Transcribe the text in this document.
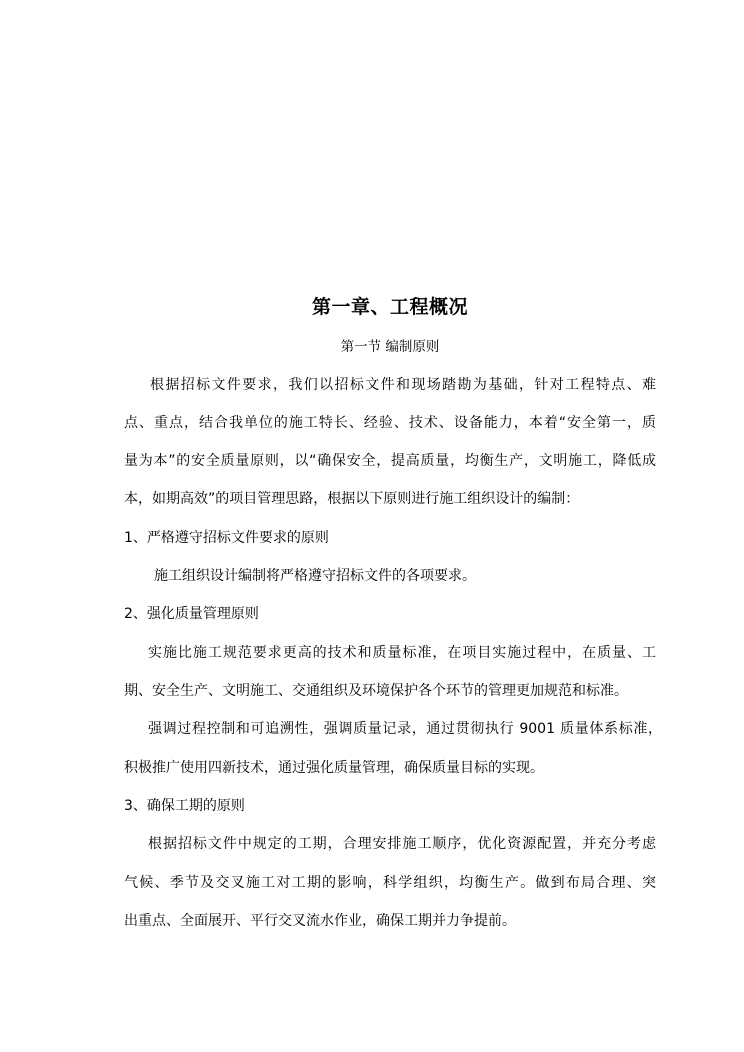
第一章、工程概况
第一节 编制原则
根据招标文件要求，我们以招标文件和现场踏勘为基础，针对工程特点、难
点、重点，结合我单位的施工特长、经验、技术、设备能力，本着“安全第一，质
量为本”的安全质量原则，以“确保安全，提高质量，均衡生产，文明施工，降低成
本，如期高效”的项目管理思路，根据以下原则进行施工组织设计的编制：
1、严格遵守招标文件要求的原则
施工组织设计编制将严格遵守招标文件的各项要求。
2、强化质量管理原则
实施比施工规范要求更高的技术和质量标准，在项目实施过程中，在质量、工
期、安全生产、文明施工、交通组织及环境保护各个环节的管理更加规范和标准。
强调过程控制和可追溯性，强调质量记录，通过贯彻执行 9001 质量体系标准，
积极推广使用四新技术，通过强化质量管理，确保质量目标的实现。
3、确保工期的原则
根据招标文件中规定的工期，合理安排施工顺序，优化资源配置，并充分考虑
气候、季节及交叉施工对工期的影响，科学组织，均衡生产。做到布局合理、突
出重点、全面展开、平行交叉流水作业，确保工期并力争提前。
